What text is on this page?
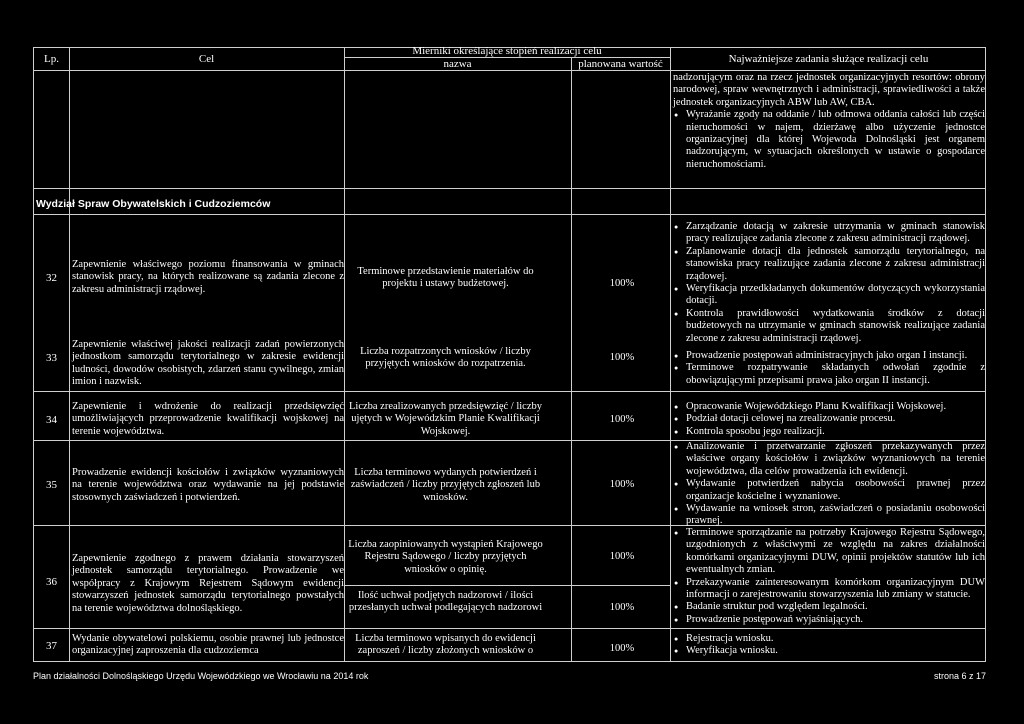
Lp.	Cel
Mierniki określające stopień realizacji celu
nazwa	planowana wartość	Najważniejsze zadania służące realizacji celu
nadzorującym oraz na rzecz jednostek organizacyjnych resortów: obrony narodowej, spraw wewnętrznych i administracji, sprawiedliwości a także jednostek organizacyjnych ABW lub AW, CBA.
● Wyrażanie zgody na oddanie / lub odmowa oddania całości lub części nieruchomości w najem, dzierżawę albo użyczenie jednostce organizacyjnej dla której Wojewoda Dolnośląski jest organem nadzorującym, w sytuacjach określonych w ustawie o gospodarce nieruchomościami.
32
Zapewnienie właściwego poziomu finansowania w gminach stanowisk pracy, na których realizowane są zadania zlecone z zakresu administracji rządowej.
Terminowe przedstawienie materiałów do projektu i ustawy budżetowej.	100%
● Zarządzanie dotacją w zakresie utrzymania w gminach stanowisk pracy realizujące zadania zlecone z zakresu administracji rządowej.
● Zaplanowanie dotacji dla jednostek samorządu terytorialnego, na stanowiska pracy realizujące zadania zlecone z zakresu administracji rządowej.
● Weryfikacja przedkładanych dokumentów dotyczących wykorzystania dotacji.
● Kontrola prawidłowości wydatkowania środków z dotacji budżetowych na utrzymanie w gminach stanowisk realizujące zadania zlecone z zakresu administracji rządowej.
33
Zapewnienie właściwej jakości realizacji zadań powierzonych jednostkom samorządu terytorialnego w zakresie ewidencji ludności, dowodów osobistych, zdarzeń stanu cywilnego, zmian imion i nazwisk.
Liczba rozpatrzonych wniosków / liczby przyjętych wniosków do rozpatrzenia.
100%
●	Prowadzenie postępowań administracyjnych jako organ I instancji.
● Terminowe rozpatrywanie składanych odwołań zgodnie z obowiązującymi przepisami prawa jako organ II instancji.
34
Zapewnienie i wdrożenie do realizacji przedsięwzięć umożliwiających przeprowadzenie kwalifikacji wojskowej na terenie województwa.
Liczba zrealizowanych przedsięwzięć / liczby ujętych w Wojewódzkim Planie Kwalifikacji Wojskowej.
100%
● Opracowanie Wojewódzkiego Planu Kwalifikacji Wojskowej.
● Podział dotacji celowej na zrealizowanie procesu.
● Kontrola sposobu jego realizacji.
35
Prowadzenie ewidencji kościołów i związków wyznaniowych na terenie województwa oraz wydawanie na jej podstawie stosownych zaświadczeń i potwierdzeń.
Liczba terminowo wydanych potwierdzeń i zaświadczeń / liczby przyjętych zgłoszeń lub wniosków.
100%
● Analizowanie i przetwarzanie zgłoszeń przekazywanych przez właściwe organy kościołów i związków wyznaniowych na terenie województwa, dla celów prowadzenia ich ewidencji.
● Wydawanie potwierdzeń nabycia osobowości prawnej przez organizacje kościelne i wyznaniowe.
● Wydawanie na wniosek stron, zaświadczeń o posiadaniu osobowości prawnej.
36
Zapewnienie zgodnego z prawem działania stowarzyszeń jednostek samorządu terytorialnego. Prowadzenie we współpracy z Krajowym Rejestrem Sądowym ewidencji stowarzyszeń jednostek samorządu terytorialnego powstałych na terenie województwa dolnośląskiego.
Liczba zaopiniowanych wystąpień Krajowego Rejestru Sądowego / liczby przyjętych wniosków o opinię.
100%
Ilość uchwał podjętych nadzorowi / ilości przesłanych uchwał podlegających nadzorowi	100%
● Terminowe sporządzanie na potrzeby Krajowego Rejestru Sądowego, uzgodnionych z właściwymi ze względu na zakres działalności komórkami organizacyjnymi DUW, opinii projektów statutów lub ich ewentualnych zmian.
● Przekazywanie zainteresowanym komórkom organizacyjnym DUW informacji o zarejestrowaniu stowarzyszenia lub zmiany w statucie.
● Badanie struktur pod względem legalności.
● Prowadzenie postępowań wyjaśniających.
37
Wydanie obywatelowi polskiemu, osobie prawnej lub jednostce organizacyjnej zaproszenia dla cudzoziemca
Liczba terminowo wpisanych do ewidencji zaproszeń / liczby złożonych wniosków o	100%
● Rejestracja wniosku.
● Weryfikacja wniosku.
Wydział Spraw Obywatelskich i Cudzoziemców
Plan działalności Dolnośląskiego Urzędu Wojewódzkiego we Wrocławiu na 2014 rok	strona 6 z 17
